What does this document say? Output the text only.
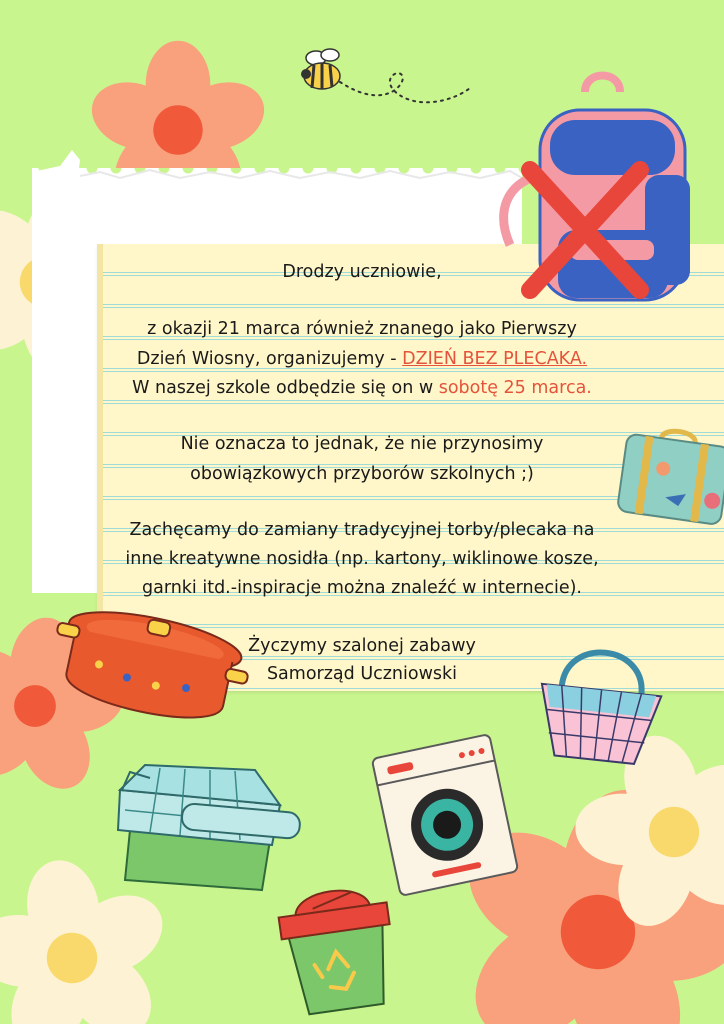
Drodzy uczniowie,
z okazji 21 marca również znanego jako Pierwszy
Dzień Wiosny, organizujemy - DZIEŃ BEZ PLECAKA.
W naszej szkole odbędzie się on w sobotę 25 marca.
Nie oznacza to jednak, że nie przynosimy
obowiązkowych przyborów szkolnych ;)
Zachęcamy do zamiany tradycyjnej torby/plecaka na
inne kreatywne nosidła (np. kartony, wiklinowe kosze,
garnki itd.-inspiracje można znaleźć w internecie).
Życzymy szalonej zabawy
Samorząd Uczniowski
